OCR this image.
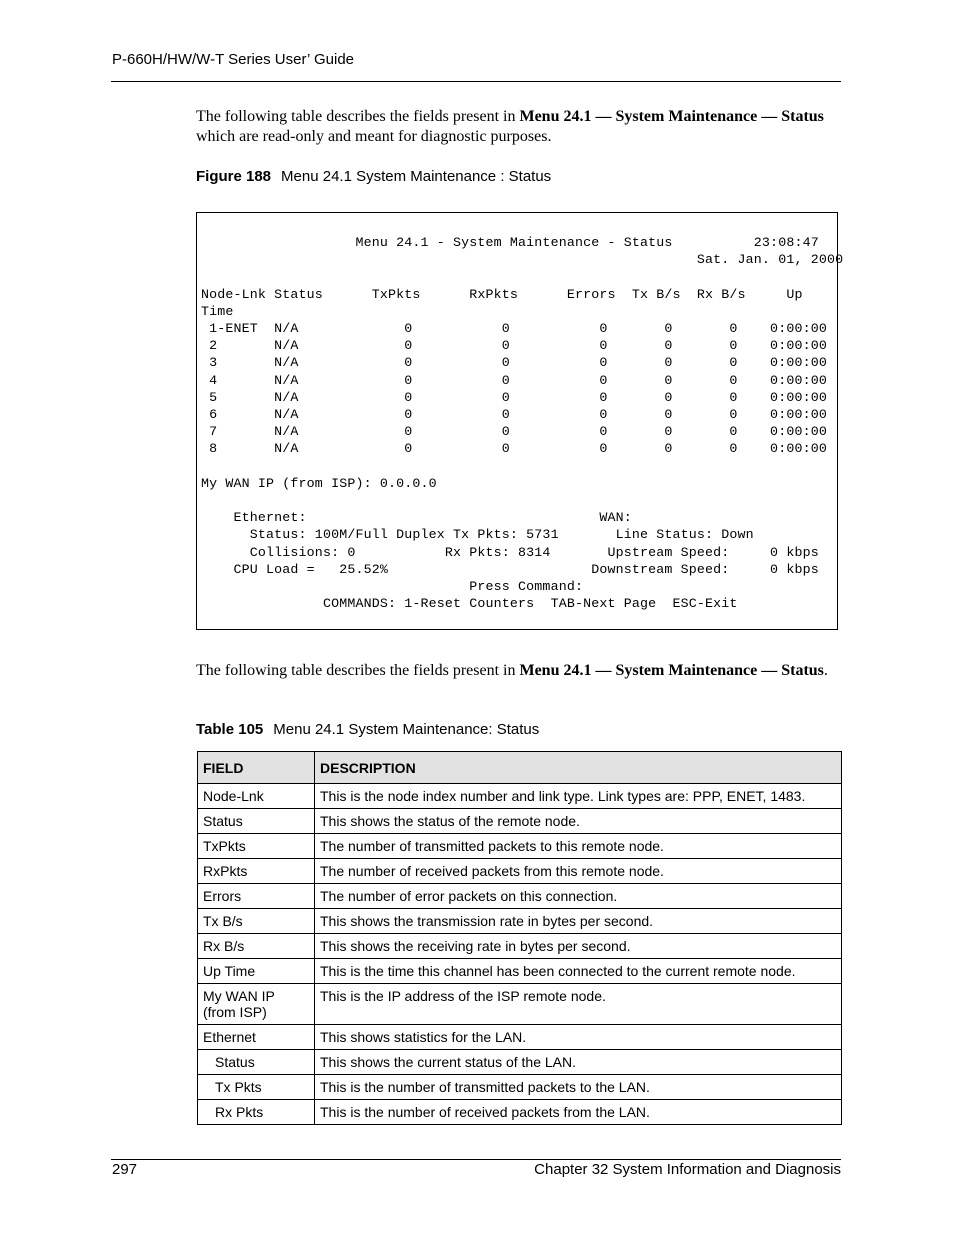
P-660H/HW/W-T Series User’ Guide
The following table describes the fields present in Menu 24.1 — System Maintenance — Status which are read-only and meant for diagnostic purposes.
Figure 188 Menu 24.1 System Maintenance : Status
Menu 24.1 - System Maintenance - Status          23:08:47
Sat. Jan. 01, 2000

Node-Lnk Status      TxPkts      RxPkts      Errors  Tx B/s  Rx B/s     Up
Time
1-ENET  N/A             0           0           0       0       0    0:00:00
2       N/A             0           0           0       0       0    0:00:00
3       N/A             0           0           0       0       0    0:00:00
4       N/A             0           0           0       0       0    0:00:00
5       N/A             0           0           0       0       0    0:00:00
6       N/A             0           0           0       0       0    0:00:00
7       N/A             0           0           0       0       0    0:00:00
8       N/A             0           0           0       0       0    0:00:00

My WAN IP (from ISP): 0.0.0.0

Ethernet:                                    WAN:
Status: 100M/Full Duplex Tx Pkts: 5731       Line Status: Down
Collisions: 0           Rx Pkts: 8314       Upstream Speed:     0 kbps
CPU Load =   25.52%                         Downstream Speed:     0 kbps
Press Command:
COMMANDS: 1-Reset Counters  TAB-Next Page  ESC-Exit

The following table describes the fields present in Menu 24.1 — System Maintenance — Status.
Table 105 Menu 24.1 System Maintenance: Status
FIELD	DESCRIPTION
Node-Lnk	This is the node index number and link type. Link types are: PPP, ENET, 1483.
Status	This shows the status of the remote node.
TxPkts	The number of transmitted packets to this remote node.
RxPkts	The number of received packets from this remote node.
Errors	The number of error packets on this connection.
Tx B/s	This shows the transmission rate in bytes per second.
Rx B/s	This shows the receiving rate in bytes per second.
Up Time	This is the time this channel has been connected to the current remote node.
My WAN IP (from ISP)	This is the IP address of the ISP remote node.
Ethernet	This shows statistics for the LAN.
Status	This shows the current status of the LAN.
Tx Pkts	This is the number of transmitted packets to the LAN.
Rx Pkts	This is the number of received packets from the LAN.
297	Chapter 32 System Information and Diagnosis
